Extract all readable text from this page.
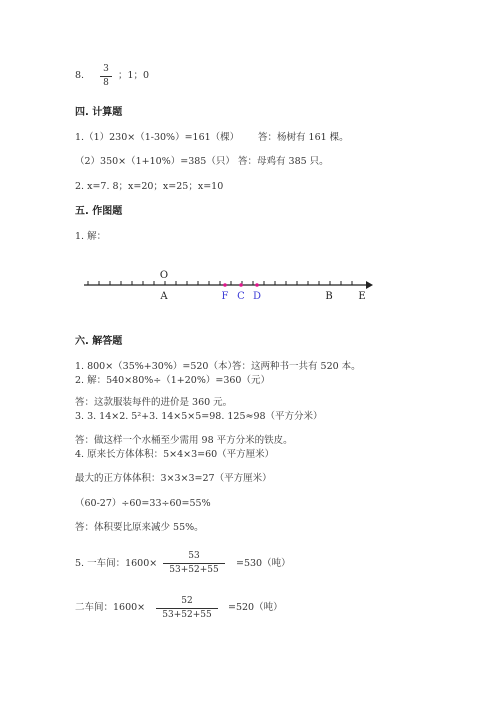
8.
3
8
；1；0
四. 计算题
1.（1）230×（1-30%）=161（棵） 答：杨树有 161 棵。
（2）350×（1+10%）=385（只） 答：母鸡有 385 只。
2. x=7. 8；x=20；x=25；x=10
五. 作图题
1. 解：
O
A	F C D	B	E
六. 解答题
1. 800×（35%+30%）=520（本）
答：这两种书一共有 520 本。
2. 解：540×80%÷（1+20%）=360（元）
答：这款服装每件的进价是 360 元。
3. 3. 14×2. 5²+3. 14×5×5=98. 125≈98（平方分米）
答：做这样一个水桶至少需用 98 平方分米的铁皮。
4. 原来长方体体积：5×4×3=60（平方厘米）
最大的正方体体积：3×3×3=27（平方厘米）
（60-27）÷60=33÷60=55%
答：体积要比原来减少 55%。
5. 一车间：1600×
53
53+52+55
=530（吨）
二车间：1600×
52
53+52+55
=520（吨）
